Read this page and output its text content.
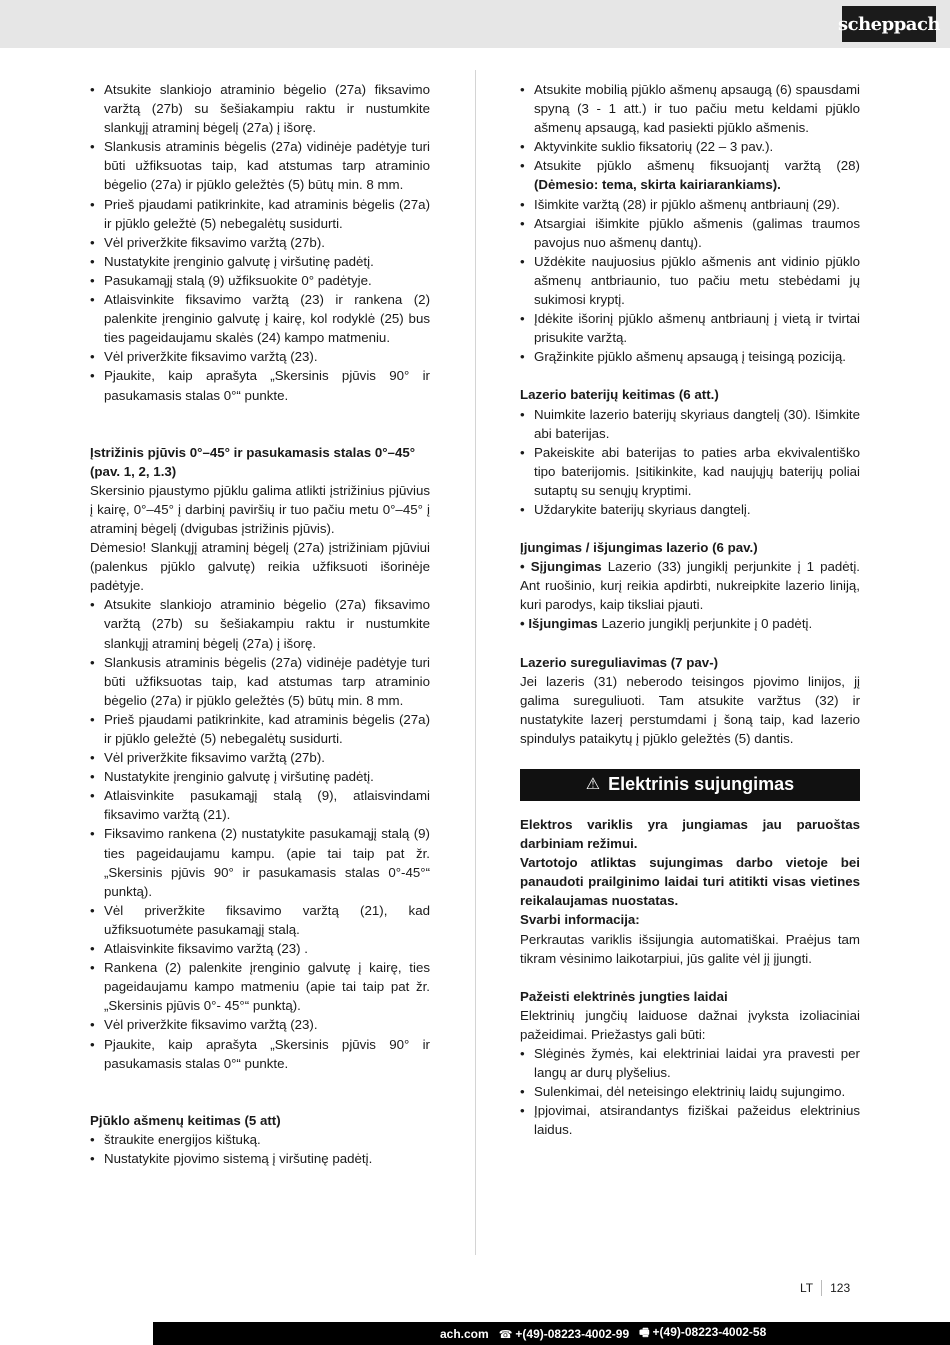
scheppach
• Atsukite slankiojo atraminio bėgelio (27a) fiksavimo varžtą (27b) su šešiakampiu raktu ir nustumkite slankųjį atraminį bėgelį (27a) į išorę.
• Slankusis atraminis bėgelis (27a) vidinėje padėtyje turi būti užfiksuotas taip, kad atstumas tarp atraminio bėgelio (27a) ir pjūklo geležtės (5) būtų min. 8 mm.
• Prieš pjaudami patikrinkite, kad atraminis bėgelis (27a) ir pjūklo geležtė (5) nebegalėtų susidurti.
• Vėl priveržkite fiksavimo varžtą (27b).
• Nustatykite įrenginio galvutę į viršutinę padėtį.
• Pasukamąjį stalą (9) užfiksuokite 0° padėtyje.
• Atlaisvinkite fiksavimo varžtą (23) ir rankena (2) palenkite įrenginio galvutę į kairę, kol rodyklė (25) bus ties pageidaujamu skalės (24) kampo matmeniu.
• Vėl priveržkite fiksavimo varžtą (23).
• Pjaukite, kaip aprašyta „Skersinis pjūvis 90° ir pasukamasis stalas 0°“ punkte.

Įstrižinis pjūvis 0°–45° ir pasukamasis stalas 0°–45° (pav. 1, 2, 1.3)

Skersinio pjaustymo pjūklu galima atlikti įstrižinius pjūvius į kairę, 0°–45° į darbinį paviršių ir tuo pačiu metu 0°–45° į atraminį bėgelį (dvigubas įstrižinis pjūvis).

Dėmesio! Slankųjį atraminį bėgelį (27a) įstrižiniam pjūviui (palenkus pjūklo galvutę) reikia užfiksuoti išorinėje padėtyje.

• Atsukite slankiojo atraminio bėgelio (27a) fiksavimo varžtą (27b) su šešiakampiu raktu ir nustumkite slankųjį atraminį bėgelį (27a) į išorę.
• Slankusis atraminis bėgelis (27a) vidinėje padėtyje turi būti užfiksuotas taip, kad atstumas tarp atraminio bėgelio (27a) ir pjūklo geležtės (5) būtų min. 8 mm.
• Prieš pjaudami patikrinkite, kad atraminis bėgelis (27a) ir pjūklo geležtė (5) nebegalėtų susidurti.
• Vėl priveržkite fiksavimo varžtą (27b).
• Nustatykite įrenginio galvutę į viršutinę padėtį.
• Atlaisvinkite pasukamąjį stalą (9), atlaisvindami fiksavimo varžtą (21).
• Fiksavimo rankena (2) nustatykite pasukamąjį stalą (9) ties pageidaujamu kampu. (apie tai taip pat žr. „Skersinis pjūvis 90° ir pasukamasis stalas 0°-45°“ punktą).
• Vėl priveržkite fiksavimo varžtą (21), kad užfiksuotumėte pasukamąjį stalą.
• Atlaisvinkite fiksavimo varžtą (23) .
• Rankena (2) palenkite įrenginio galvutę į kairę, ties pageidaujamu kampo matmeniu (apie tai taip pat žr. „Skersinis pjūvis 0°- 45°“ punktą).
• Vėl priveržkite fiksavimo varžtą (23).
• Pjaukite, kaip aprašyta „Skersinis pjūvis 90° ir pasukamasis stalas 0°“ punkte.

Pjūklo ašmenų keitimas (5 att)

• štraukite energijos kištuką.
• Nustatykite pjovimo sistemą į viršutinę padėtį.
• Atsukite mobilią pjūklo ašmenų apsaugą (6) spausdami spyną (3 - 1 att.) ir tuo pačiu metu keldami pjūklo ašmenų apsaugą, kad pasiekti pjūklo ašmenis.
• Aktyvinkite suklio fiksatorių (22 – 3 pav.).
• Atsukite pjūklo ašmenų fiksuojantį varžtą (28) (Dėmesio: tema, skirta kairiarankiams).
• Išimkite varžtą (28) ir pjūklo ašmenų antbriaunį (29).
• Atsargiai išimkite pjūklo ašmenis (galimas traumos pavojus nuo ašmenų dantų).
• Uždėkite naujuosius pjūklo ašmenis ant vidinio pjūklo ašmenų antbriaunio, tuo pačiu metu stebėdami jų sukimosi kryptį.
• Įdėkite išorinį pjūklo ašmenų antbriaunį į vietą ir tvirtai prisukite varžtą.
• Grąžinkite pjūklo ašmenų apsaugą į teisingą poziciją.

Lazerio baterijų keitimas (6 att.)

• Nuimkite lazerio baterijų skyriaus dangtelį (30). Išimkite abi baterijas.
• Pakeiskite abi baterijas to paties arba ekvivalentiško tipo baterijomis. Įsitikinkite, kad naujųjų baterijų poliai sutaptų su senųjų kryptimi.
• Uždarykite baterijų skyriaus dangtelį.

Įjungimas / išjungimas lazerio (6 pav.)

• Sįjungimas Lazerio (33) jungiklį perjunkite į 1 padėtį. Ant ruošinio, kurį reikia apdirbti, nukreipkite lazerio liniją, kuri parodys, kaip tiksliai pjauti.

• Išjungimas Lazerio jungiklį perjunkite į 0 padėtį.

Lazerio sureguliavimas (7 pav-)

Jei lazeris (31) neberodo teisingos pjovimo linijos, jį galima sureguliuoti. Tam atsukite varžtus (32) ir nustatykite lazerį perstumdami į šoną taip, kad lazerio spindulys pataikytų į pjūklo geležtės (5) dantis.

⚠ Elektrinis sujungimas

Elektros variklis yra jungiamas jau paruoštas darbiniam režimui.

Vartotojo atliktas sujungimas darbo vietoje bei panaudoti prailginimo laidai turi atitikti visas vietines reikalaujamas nuostatas.

Svarbi informacija:

Perkrautas variklis išsijungia automatiškai. Praėjus tam tikram vėsinimo laikotarpiui, jūs galite vėl jį įjungti.

Pažeisti elektrinės jungties laidai

Elektrinių jungčių laiduose dažnai įvyksta izoliaciniai pažeidimai. Priežastys gali būti:

• Slėginės žymės, kai elektriniai laidai yra pravesti per langų ar durų plyšelius.
• Sulenkimai, dėl neteisingo elektrinių laidų sujungimo.
• Įpjovimai, atsirandantys fiziškai pažeidus elektrinius laidus.
LT 123
ach.com ☎ +(49)-08223-4002-99 🖷 +(49)-08223-4002-58
